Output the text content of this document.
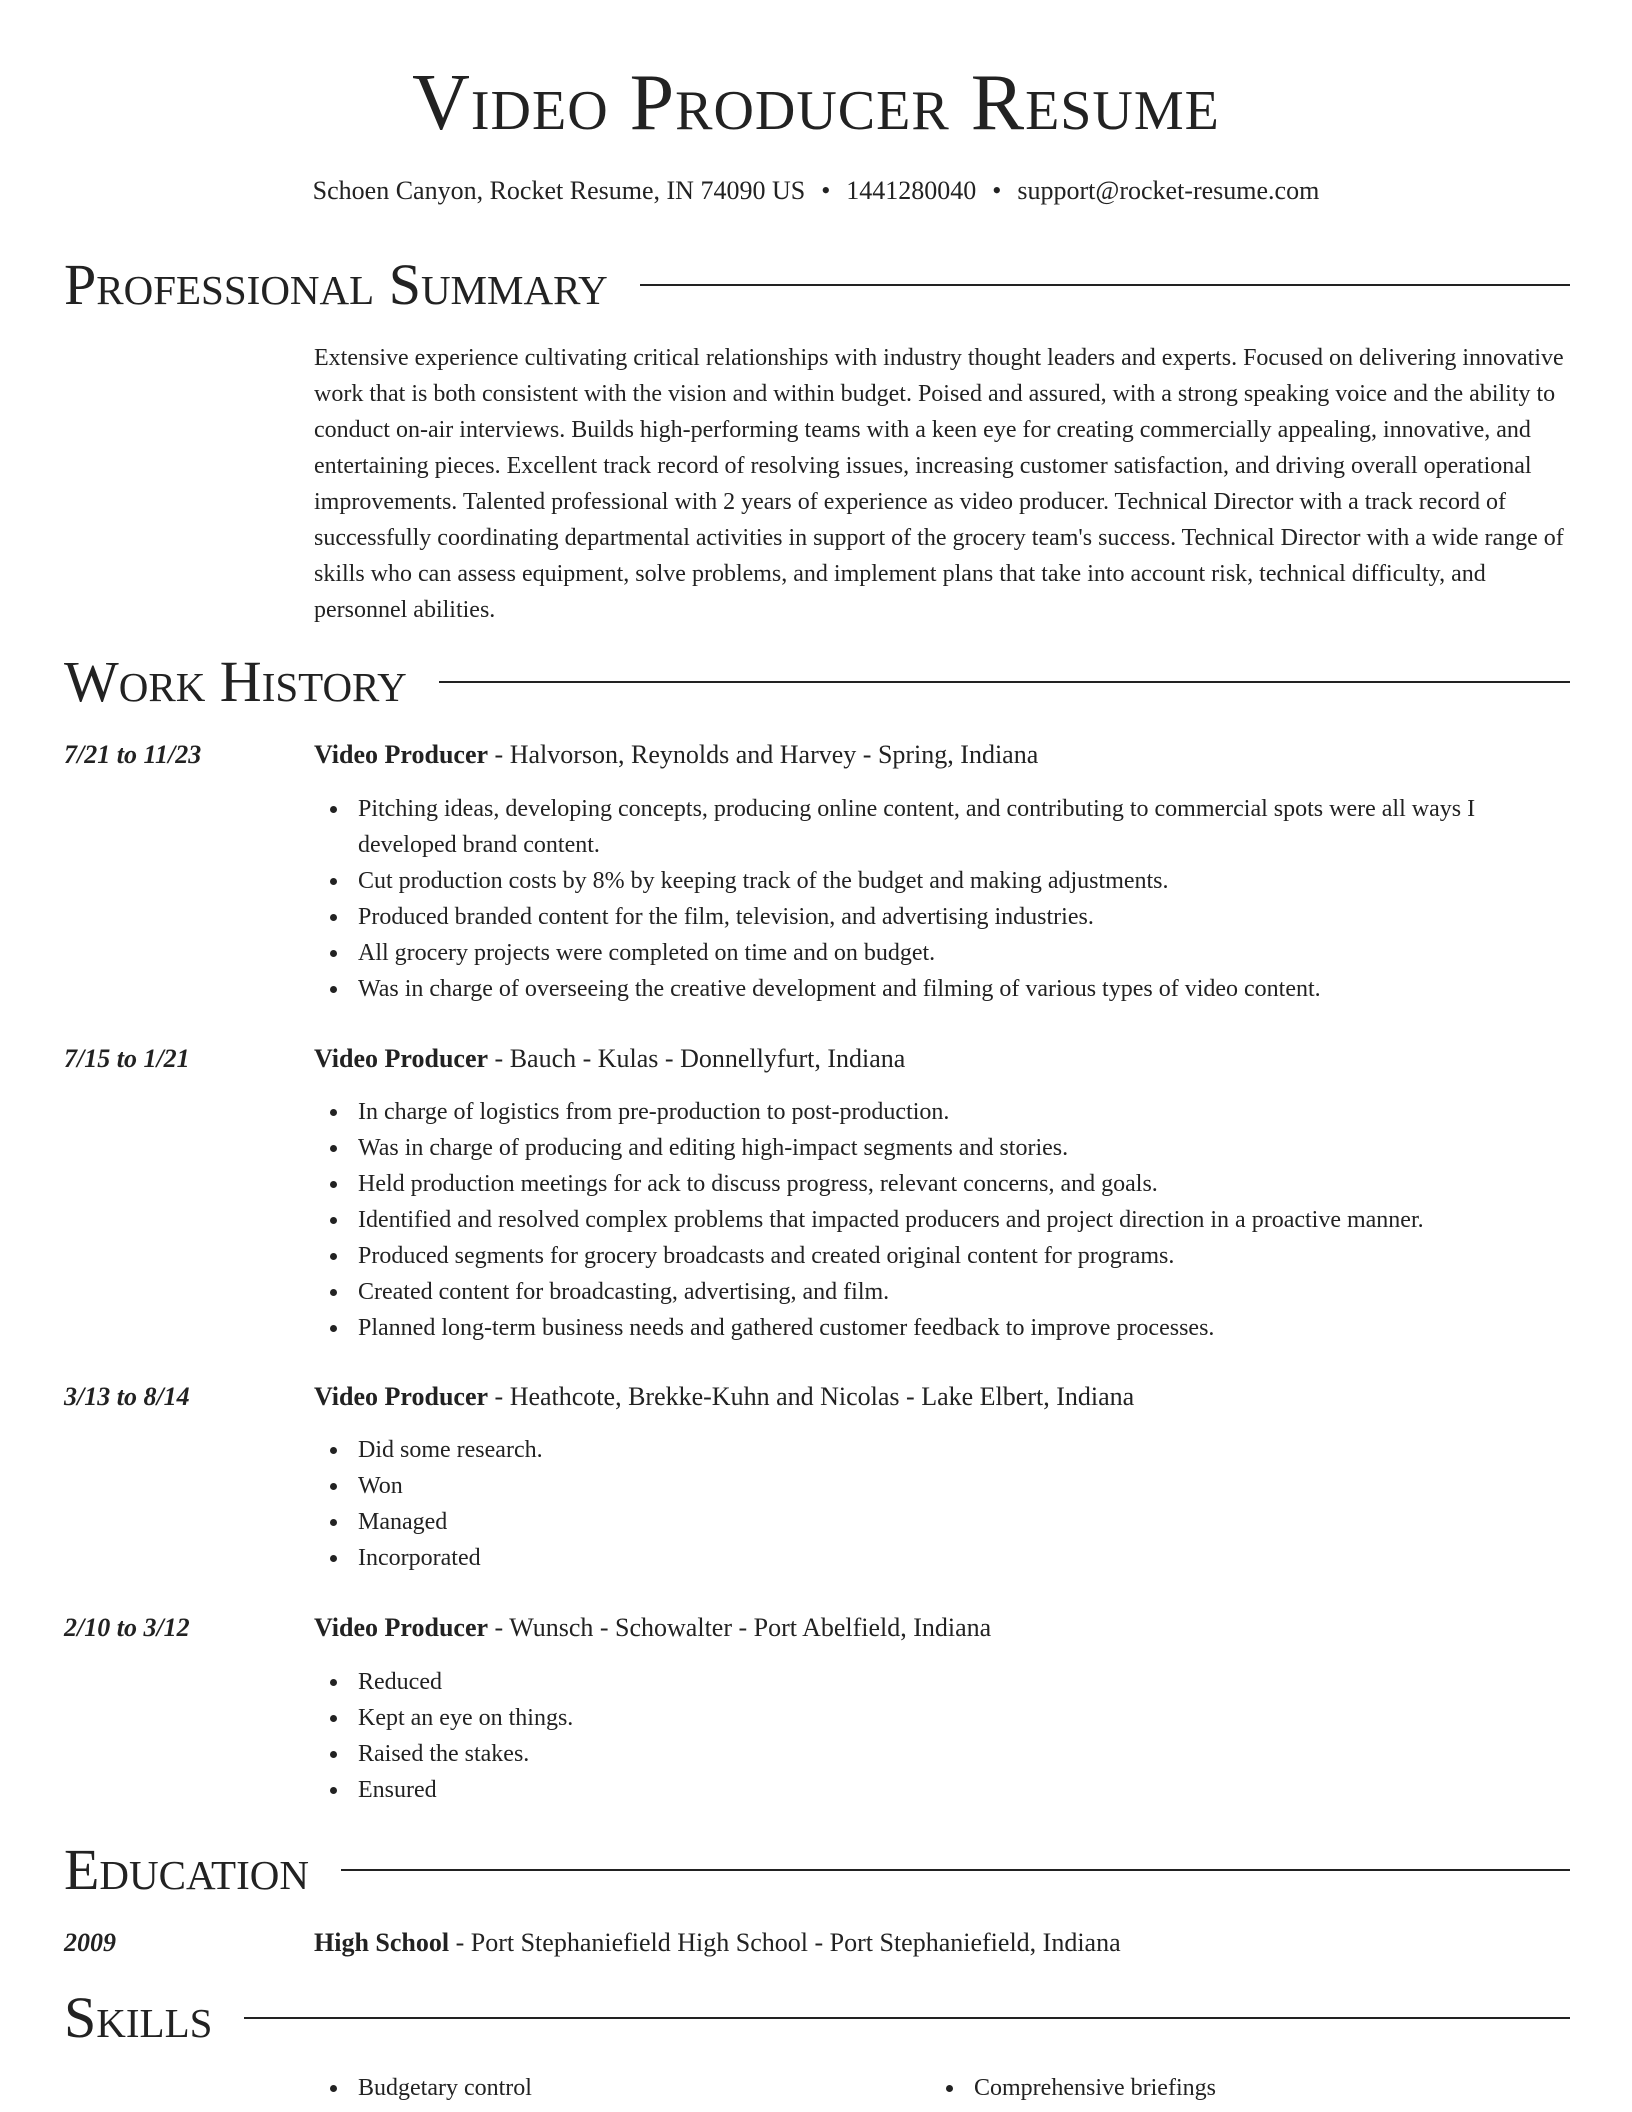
Video Producer Resume
Schoen Canyon, Rocket Resume, IN 74090 US • 1441280040 • support@rocket-resume.com
Professional Summary
Extensive experience cultivating critical relationships with industry thought leaders and experts. Focused on delivering innovative work that is both consistent with the vision and within budget. Poised and assured, with a strong speaking voice and the ability to conduct on-air interviews. Builds high-performing teams with a keen eye for creating commercially appealing, innovative, and entertaining pieces. Excellent track record of resolving issues, increasing customer satisfaction, and driving overall operational improvements. Talented professional with 2 years of experience as video producer. Technical Director with a track record of successfully coordinating departmental activities in support of the grocery team's success. Technical Director with a wide range of skills who can assess equipment, solve problems, and implement plans that take into account risk, technical difficulty, and personnel abilities.
Work History
7/21 to 11/23	Video Producer - Halvorson, Reynolds and Harvey - Spring, Indiana
Pitching ideas, developing concepts, producing online content, and contributing to commercial spots were all ways I developed brand content.
Cut production costs by 8% by keeping track of the budget and making adjustments.
Produced branded content for the film, television, and advertising industries.
All grocery projects were completed on time and on budget.
Was in charge of overseeing the creative development and filming of various types of video content.
7/15 to 1/21	Video Producer - Bauch - Kulas - Donnellyfurt, Indiana
In charge of logistics from pre-production to post-production.
Was in charge of producing and editing high-impact segments and stories.
Held production meetings for ack to discuss progress, relevant concerns, and goals.
Identified and resolved complex problems that impacted producers and project direction in a proactive manner.
Produced segments for grocery broadcasts and created original content for programs.
Created content for broadcasting, advertising, and film.
Planned long-term business needs and gathered customer feedback to improve processes.
3/13 to 8/14	Video Producer - Heathcote, Brekke-Kuhn and Nicolas - Lake Elbert, Indiana
Did some research.
Won
Managed
Incorporated
2/10 to 3/12	Video Producer - Wunsch - Schowalter - Port Abelfield, Indiana
Reduced
Kept an eye on things.
Raised the stakes.
Ensured
Education
2009	High School - Port Stephaniefield High School - Port Stephaniefield, Indiana
Skills
Budgetary control	Comprehensive briefings
